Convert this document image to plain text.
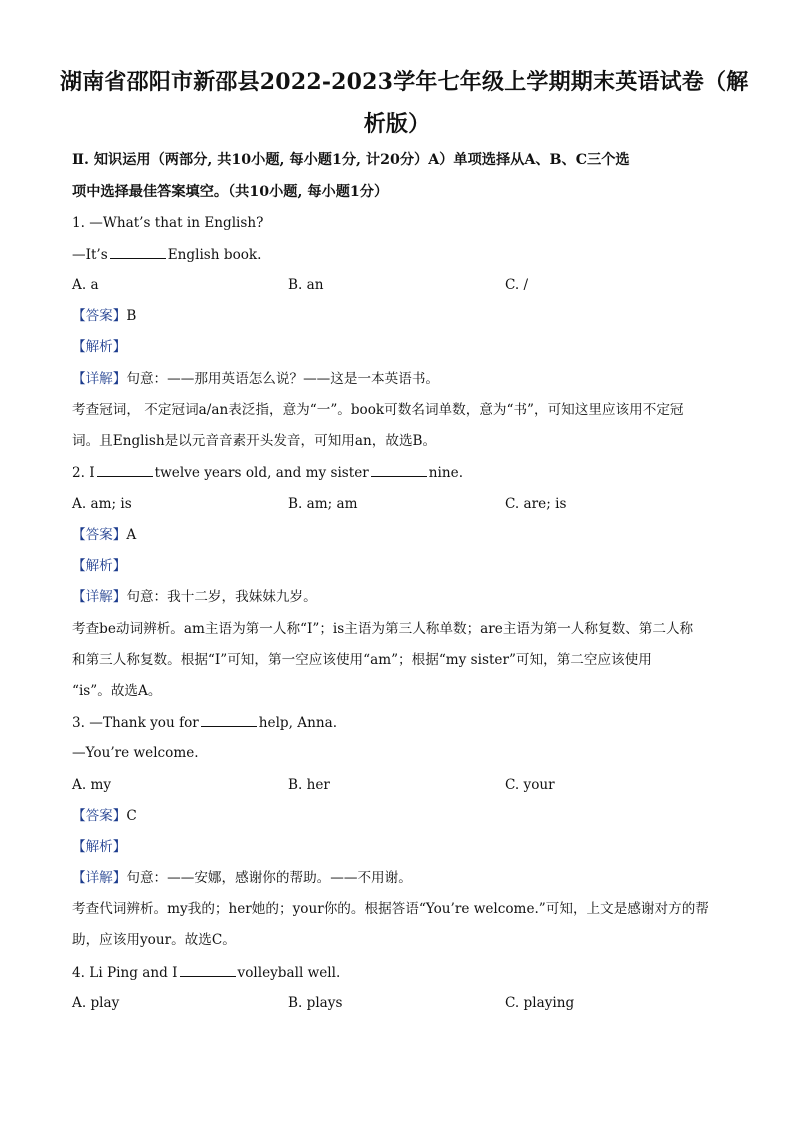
湖南省邵阳市新邵县2022-2023学年七年级上学期期末英语试卷（解
析版）
Ⅱ. 知识运用（两部分, 共10小题, 每小题1分, 计20分）A）单项选择从A、B、C三个选
项中选择最佳答案填空。（共10小题, 每小题1分）
1. —What’s that in English?
—It’s	English book.
A. a	B. an	C. /
【答案】B
【解析】
【详解】句意：——那用英语怎么说？——这是一本英语书。
考查冠词， 不定冠词a/an表泛指，意为“一”。book可数名词单数，意为“书”，可知这里应该用不定冠
词。且English是以元音音素开头发音，可知用an，故选B。
2. I	twelve years old, and my sister	nine.
A. am; is	B. am; am	C. are; is
【答案】A
【解析】
【详解】句意：我十二岁，我妹妹九岁。
考查be动词辨析。am主语为第一人称“I”；is主语为第三人称单数；are主语为第一人称复数、第二人称
和第三人称复数。根据“I”可知，第一空应该使用“am”；根据“my sister”可知，第二空应该使用
“is”。故选A。
3. —Thank you for	help, Anna.
—You’re welcome.
A. my	B. her	C. your
【答案】C
【解析】
【详解】句意：——安娜，感谢你的帮助。——不用谢。
考查代词辨析。my我的；her她的；your你的。根据答语“You’re welcome.”可知，上文是感谢对方的帮
助，应该用your。故选C。
4. Li Ping and I	volleyball well.
A. play	B. plays	C. playing
